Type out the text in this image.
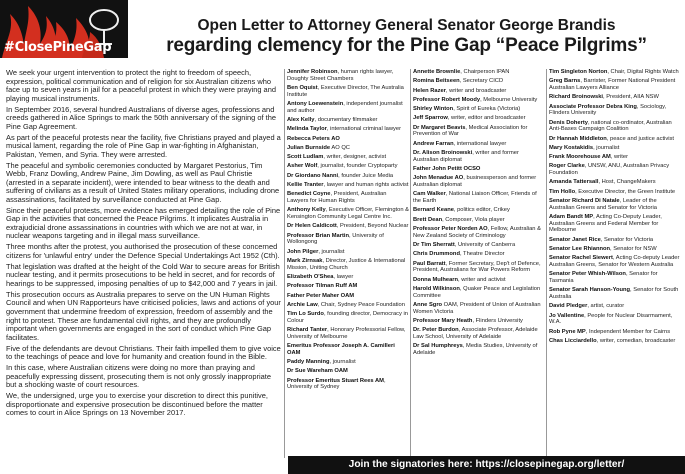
#ClosePineGap
Open Letter to Attorney General Senator George Brandis
regarding clemency for the Pine Gap “Peace Pilgrims”

We seek your urgent intervention to protect the right to freedom of speech, expression, political communication and of religion for six Australian citizens who face up to seven years in jail for a peaceful protest in which they were praying and playing musical instruments.

In September 2016, several hundred Australians of diverse ages, professions and creeds gathered in Alice Springs to mark the 50th anniversary of the signing of the Pine Gap Agreement.

As part of the peaceful protests near the facility, five Christians prayed and played a musical lament, regarding the role of Pine Gap in war-fighting in Afghanistan, Pakistan, Yemen, and Syria. They were arrested.

The peaceful and symbolic ceremonies conducted by Margaret Pestorius, Tim Webb, Franz Dowling, Andrew Paine, Jim Dowling, as well as Paul Christie (arrested in a separate incident), were intended to bear witness to the death and suffering of civilians as a result of United States military operations, including drone assassinations, facilitated by surveillance conducted at Pine Gap.

Since their peaceful protests, more evidence has emerged detailing the role of Pine Gap in the activities that concerned the Peace Pilgrims. It implicates Australia in extrajudicial drone assassinations in countries with which we are not at war, in nuclear weapons targeting and in illegal mass surveillance.

Three months after the protest, you authorised the prosecution of these concerned citizens for 'unlawful entry' under the Defence Special Undertakings Act 1952 (Cth).

That legislation was drafted at the height of the Cold War to secure areas for British nuclear testing, and it permits prosecutions to be held in secret, and for records of hearings to be suppressed, imposing penalties of up to $42,000 and 7 years in jail.

This prosecution occurs as Australia prepares to serve on the UN Human Rights Council and when UN Rapporteurs have criticised policies, laws and actions of your government that undermine freedom of expression, freedom of assembly and the right to protest. These are fundamental civil rights, and they are profoundly important when governments are engaged in the sort of conduct which Pine Gap facilitates.

Five of the defendants are devout Christians. Their faith impelled them to give voice to the teachings of peace and love for humanity and creation found in the Bible.

In this case, where Australian citizens were doing no more than praying and peacefully expressing dissent, prosecuting them is not only grossly inappropriate but a shocking waste of court resources.

We, the undersigned, urge you to exercise your discretion to direct this punitive, disproportionate and expensive prosecution be discontinued before the matter comes to court in Alice Springs on 13 November 2017.

Jennifer Robinson, human rights lawyer, Doughty Street Chambers
Ben Oquist, Executive Director, The Australia Institute
Antony Loewenstein, independent journalist and author
Alex Kelly, documentary filmmaker
Melinda Taylor, international criminal lawyer
Rebecca Peters AO
Julian Burnside AO QC
Scott Ludlam, writer, designer, activist
Asher Wolf, journalist, founder Cryptoparty
Dr Giordano Nanni, founder Juice Media
Kellie Tranter, lawyer and human rights activist
Benedict Coyne, President, Australian Lawyers for Human Rights
Anthony Kelly, Executive Officer, Flemington & Kensington Community Legal Centre Inc.
Dr Helen Caldicott, President, Beyond Nuclear
Professor Brian Martin, University of Wollongong
John Pilger, journalist
Mark Zirnsak, Director, Justice & International Mission, Uniting Church
Elizabeth O'Shea, lawyer
Professor Tilman Ruff AM
Father Peter Maher OAM
Archie Law, Chair, Sydney Peace Foundation
Tim Lo Surdo, founding director, Democracy in Colour
Richard Tanter, Honorary Professorial Fellow, University of Melbourne
Emeritus Professor Joseph A. Camilleri OAM
Paddy Manning, journalist
Dr Sue Wareham OAM
Professor Emeritus Stuart Rees AM, University of Sydney
Annette Brownlie, Chairperson IPAN
Romina Beitseen, Secretary CICD
Helen Razer, writer and broadcaster
Professor Robert Moody, Melbourne University
Shirley Winton, Spirit of Eureka (Victoria)
Jeff Sparrow, writer, editor and broadcaster
Dr Margaret Beavis, Medical Association for Prevention of War
Andrew Farran, international lawyer
Dr. Alison Broinowski, writer and former Australian diplomat
Father John Petitt OCSO
John Menadue AO, businessperson and former Australian diplomat
Cam Walker, National Liaison Officer, Friends of the Earth
Bernard Keane, politics editor, Crikey
Brett Dean, Composer, Viola player
Professor Peter Norden AO, Fellow, Australian & New Zealand Society of Criminology
Dr Tim Sherratt, University of Canberra
Chris Drummond, Theatre Director
Paul Barratt, Former Secretary, Dep't of Defence, President, Australians for War Powers Reform
Donna Mulhearn, writer and activist
Harold Wilkinson, Quaker Peace and Legislation Committee
Anne Sgro OAM, President of Union of Australian Women Victoria
Professor Mary Heath, Flinders University
Dr. Peter Burdon, Associate Professor, Adelaide Law School, University of Adelaide
Dr Sal Humphreys, Media Studies, University of Adelaide
Tim Singleton Norton, Chair, Digital Rights Watch
Greg Barns, Barrister, Former National President Australian Lawyers Alliance
Richard Broinowski, President, AIIA NSW
Associate Professor Debra King, Sociology, Flinders University
Denis Doherty, national co-ordinator, Australian Anti-Bases Campaign Coalition
Dr Hannah Middleton, peace and justice activist
Mary Kostakidis, journalist
Frank Moorehouse AM, writer
Roger Clarke, UNSW, ANU, Australian Privacy Foundation
Amanda Tattersall, Host, ChangeMakers
Tim Hollo, Executive Director, the Green Institute
Senator Richard Di Natale, Leader of the Australian Greens and Senator for Victoria
Adam Bandt MP, Acting Co-Deputy Leader, Australian Greens and Federal Member for Melbourne
Senator Janet Rice, Senator for Victoria
Senator Lee Rhiannon, Senator for NSW
Senator Rachel Siewert, Acting Co-deputy Leader Australian Greens, Senator for Western Australia
Senator Peter Whish-Wilson, Senator for Tasmania
Senator Sarah Hanson-Young, Senator for South Australia
David Pledger, artist, curator
Jo Vallentine, People for Nuclear Disarmament, W.A.
Rob Pyne MP, Independent Member for Cairns
Chas Licciardello, writer, comedian, broadcaster
Join the signatories here: https://closepinegap.org/letter/
